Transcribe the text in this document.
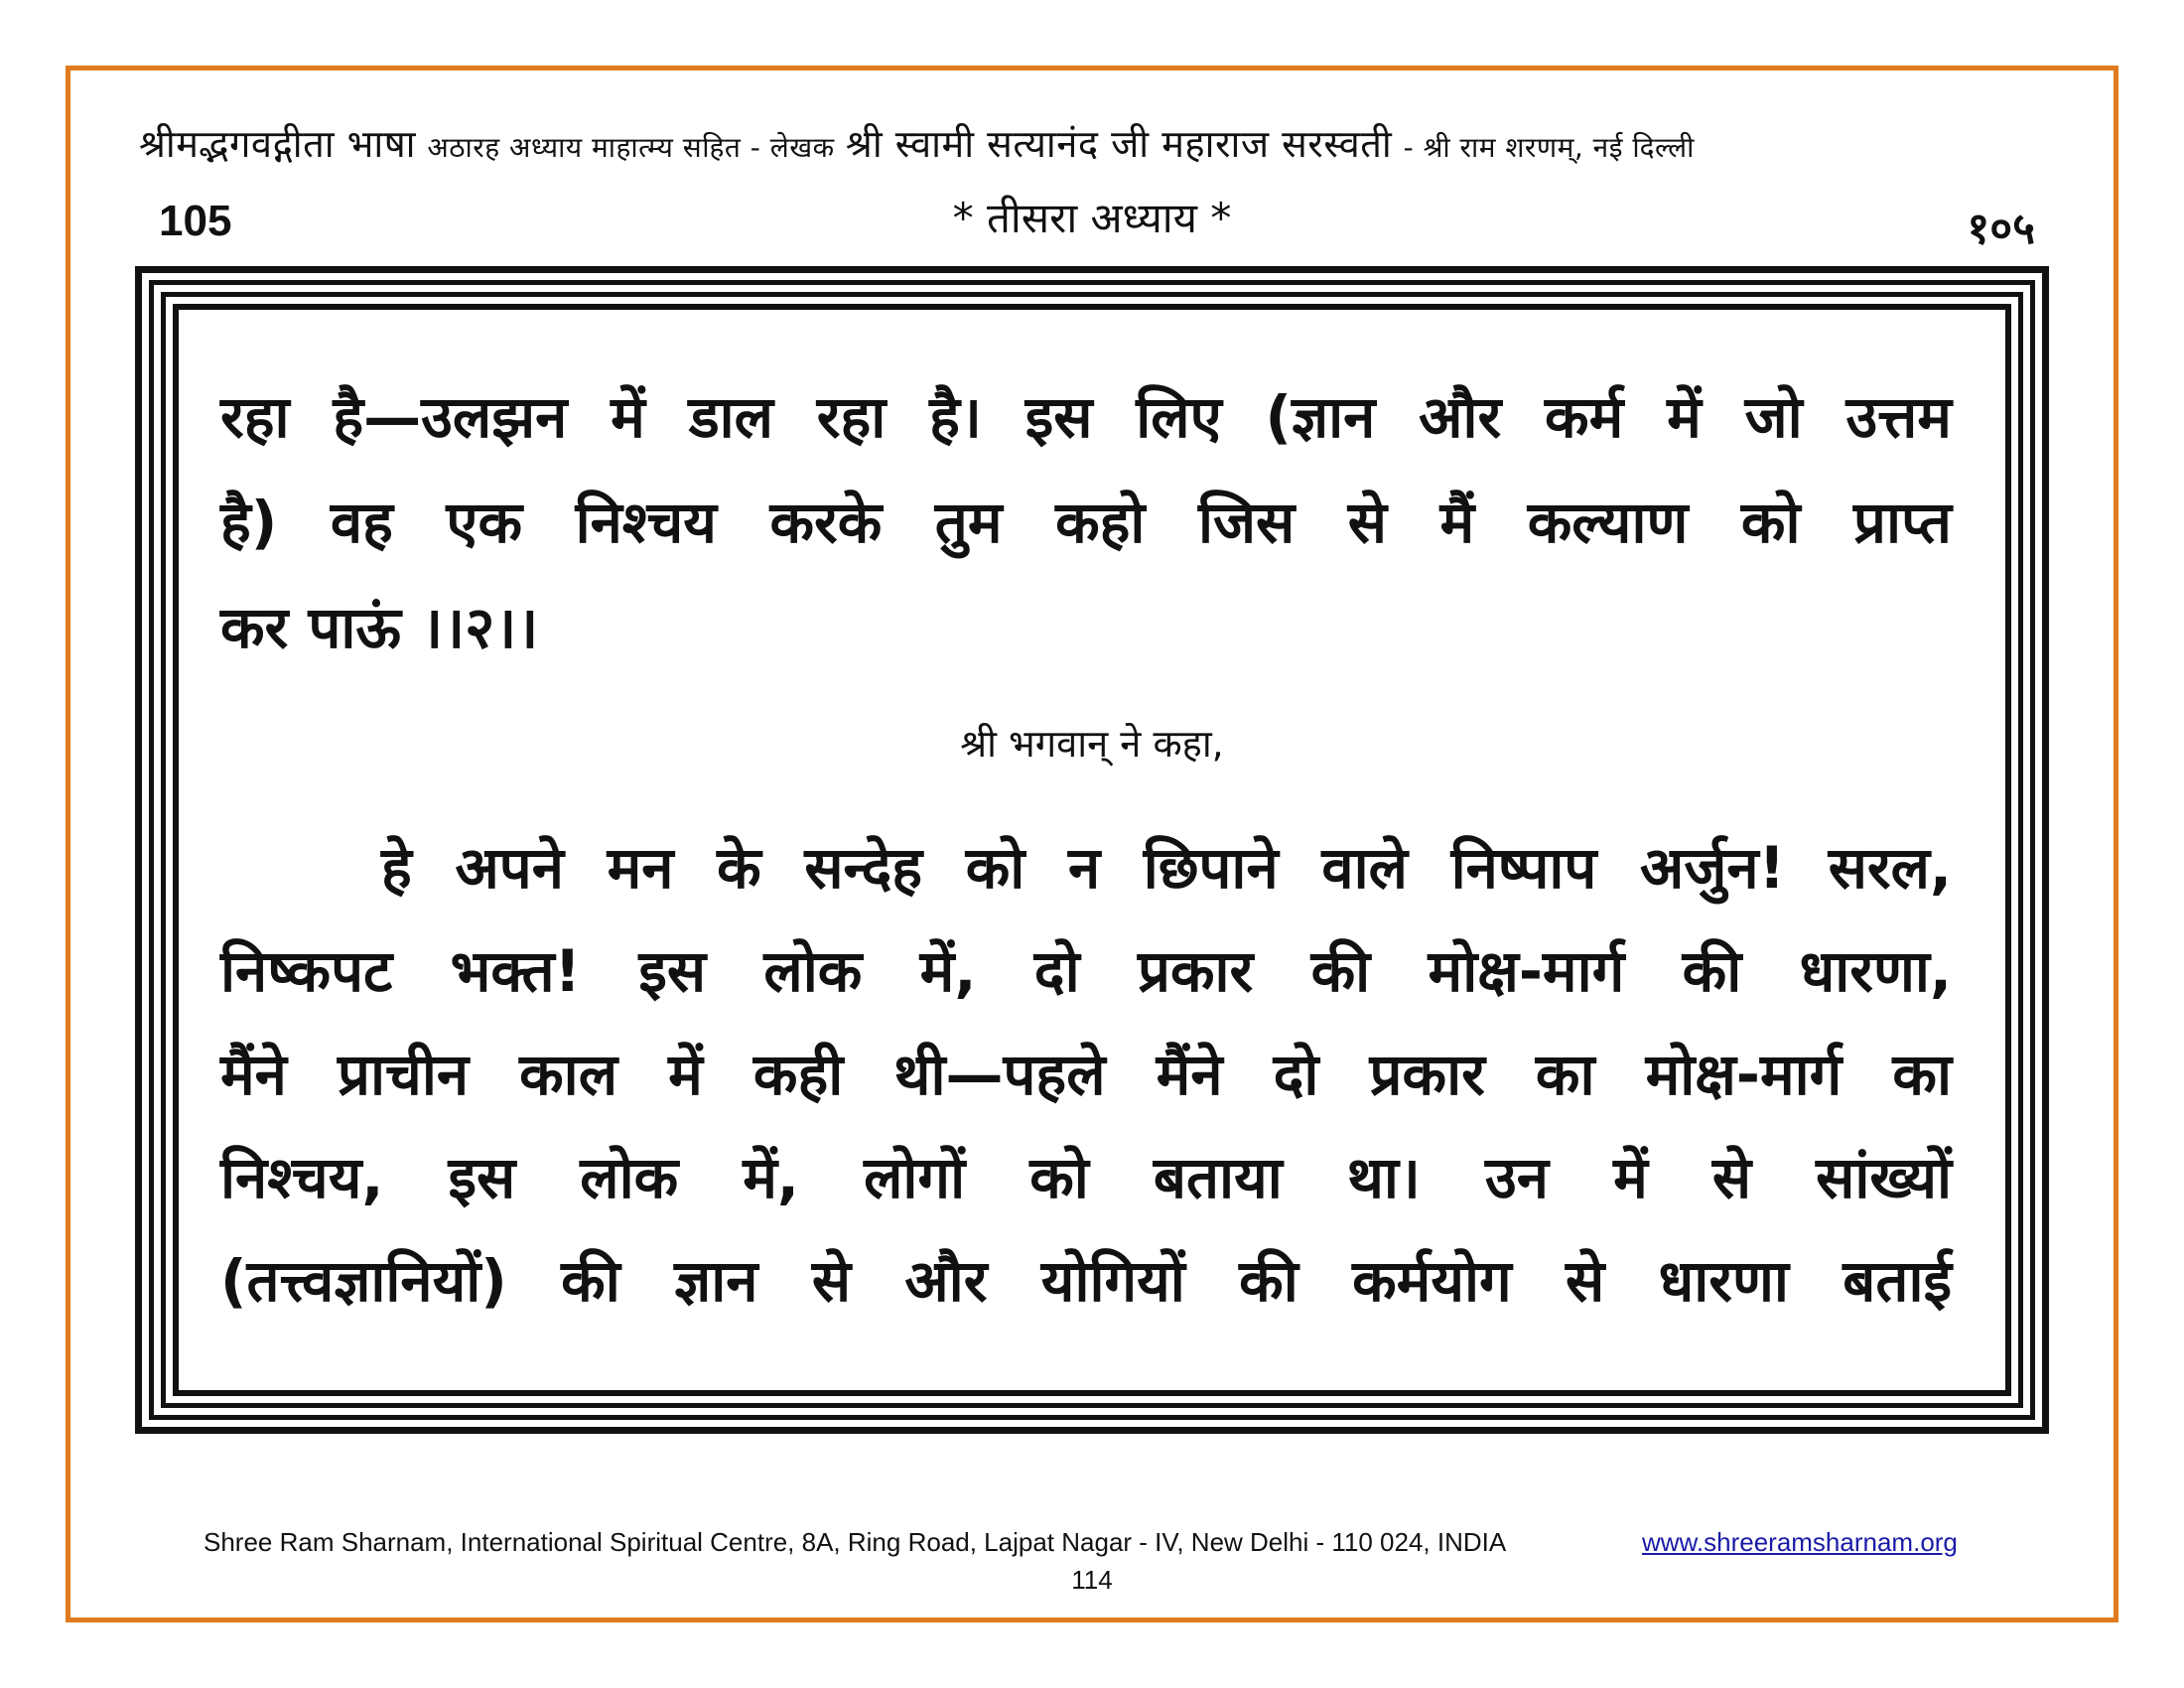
श्रीमद्भगवद्गीता भाषा अठारह अध्याय माहात्म्य सहित - लेखक श्री स्वामी सत्यानंद जी महाराज सरस्वती - श्री राम शरणम्, नई दिल्ली
105	* तीसरा अध्याय *	१०५
रहा है—उलझन में डाल रहा है। इस लिए (ज्ञान और कर्म में जो उत्तम
है) वह एक निश्चय करके तुम कहो जिस से मैं कल्याण को प्राप्त
कर पाऊं ।।२।।
श्री भगवान् ने कहा,
हे अपने मन के सन्देह को न छिपाने वाले निष्पाप अर्जुन! सरल,
निष्कपट भक्त! इस लोक में, दो प्रकार की मोक्ष-मार्ग की धारणा,
मैंने प्राचीन काल में कही थी—पहले मैंने दो प्रकार का मोक्ष-मार्ग का
निश्चय, इस लोक में, लोगों को बताया था। उन में से सांख्यों
(तत्त्वज्ञानियों) की ज्ञान से और योगियों की कर्मयोग से धारणा बताई
Shree Ram Sharnam, International Spiritual Centre, 8A, Ring Road, Lajpat Nagar - IV, New Delhi - 110 024, INDIA	www.shreeramsharnam.org
114
